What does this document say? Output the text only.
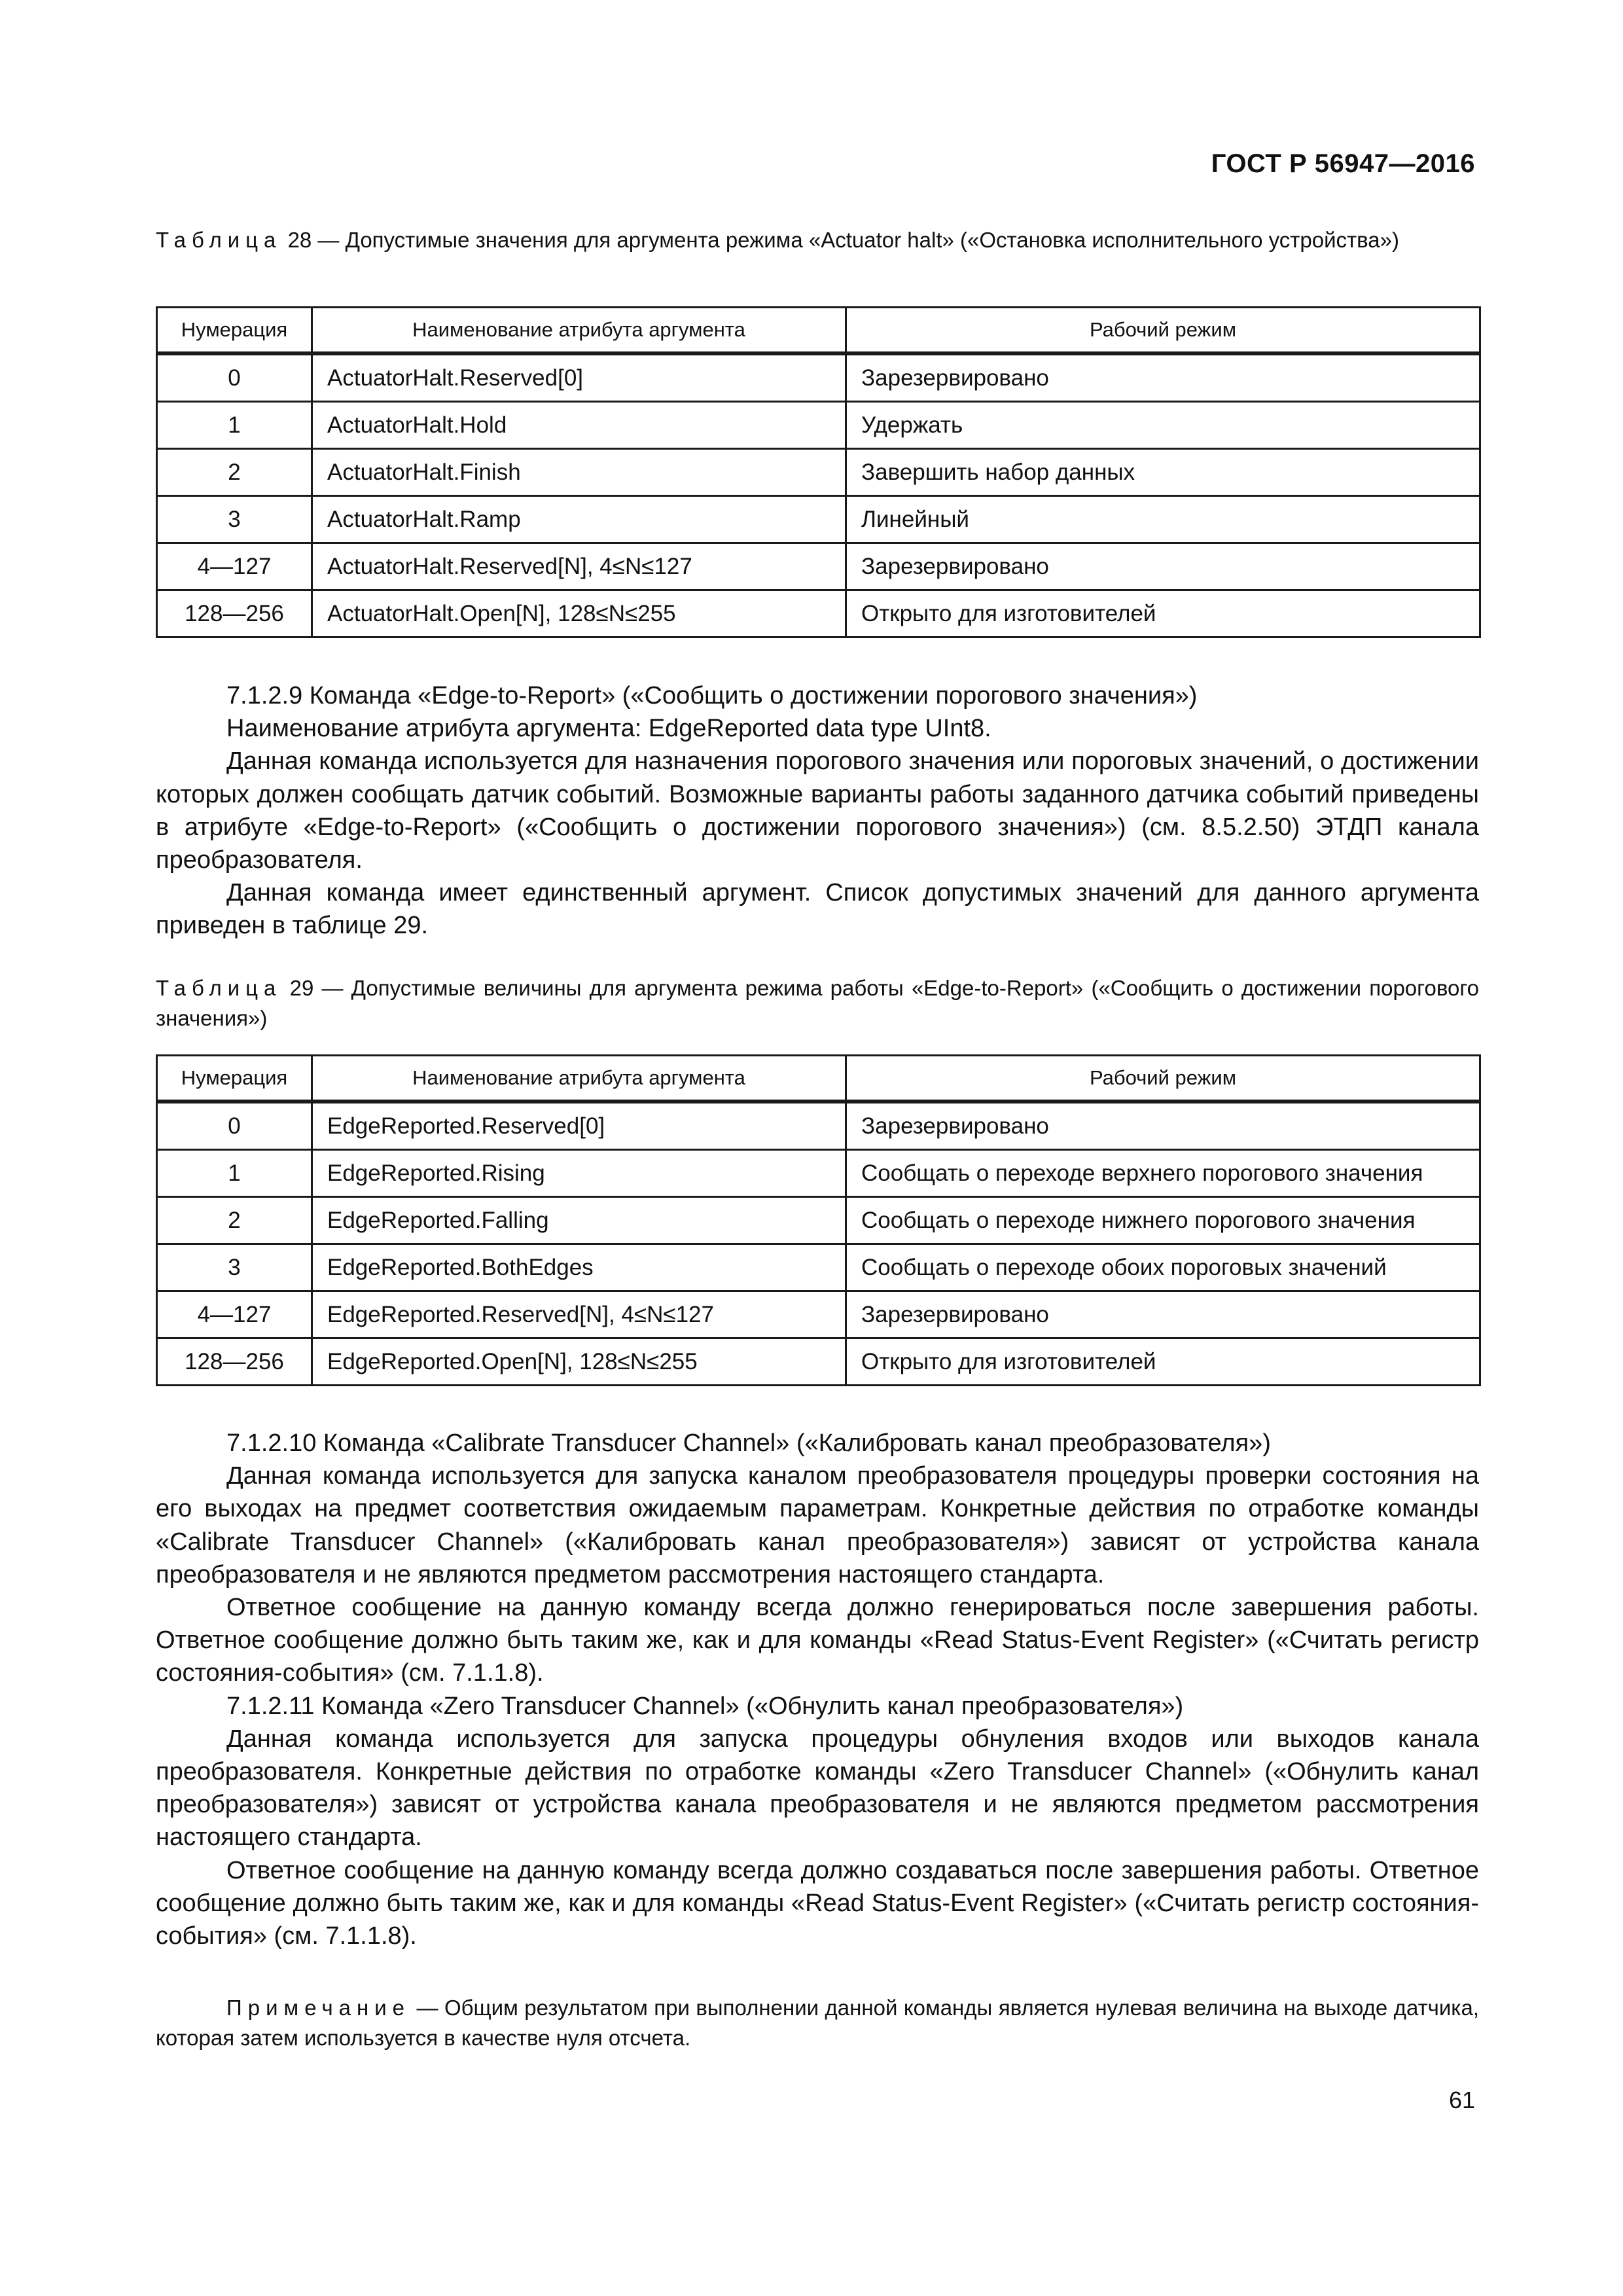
ГОСТ Р 56947—2016
Таблица 28 — Допустимые значения для аргумента режима «Actuator halt» («Остановка исполнительного устройства»)
Нумерация	Наименование атрибута аргумента	Рабочий режим
0	ActuatorHalt.Reserved[0]	Зарезервировано
1	ActuatorHalt.Hold	Удержать
2	ActuatorHalt.Finish	Завершить набор данных
3	ActuatorHalt.Ramp	Линейный
4—127	ActuatorHalt.Reserved[N], 4≤N≤127	Зарезервировано
128—256	ActuatorHalt.Open[N], 128≤N≤255	Открыто для изготовителей

7.1.2.9 Команда «Edge-to-Report» («Сообщить о достижении порогового значения»)

Наименование атрибута аргумента: EdgeReported data type UInt8.

Данная команда используется для назначения порогового значения или пороговых значений, о достижении которых должен сообщать датчик событий. Возможные варианты работы заданного датчика событий приведены в атрибуте «Edge-to-Report» («Сообщить о достижении порогового значения») (см. 8.5.2.50) ЭТДП канала преобразователя.

Данная команда имеет единственный аргумент. Список допустимых значений для данного аргумента приведен в таблице 29.

Таблица 29 — Допустимые величины для аргумента режима работы «Edge-to-Report» («Сообщить о достижении порогового значения»)
Нумерация	Наименование атрибута аргумента	Рабочий режим
0	EdgeReported.Reserved[0]	Зарезервировано
1	EdgeReported.Rising	Сообщать о переходе верхнего порогового значения
2	EdgeReported.Falling	Сообщать о переходе нижнего порогового значения
3	EdgeReported.BothEdges	Сообщать о переходе обоих пороговых значений
4—127	EdgeReported.Reserved[N], 4≤N≤127	Зарезервировано
128—256	EdgeReported.Open[N], 128≤N≤255	Открыто для изготовителей

7.1.2.10 Команда «Calibrate Transducer Channel» («Калибровать канал преобразователя»)

Данная команда используется для запуска каналом преобразователя процедуры проверки состояния на его выходах на предмет соответствия ожидаемым параметрам. Конкретные действия по отработке команды «Calibrate Transducer Channel» («Калибровать канал преобразователя») зависят от устройства канала преобразователя и не являются предметом рассмотрения настоящего стандарта.

Ответное сообщение на данную команду всегда должно генерироваться после завершения работы. Ответное сообщение должно быть таким же, как и для команды «Read Status-Event Register» («Считать регистр состояния-события» (см. 7.1.1.8).

7.1.2.11 Команда «Zero Transducer Channel» («Обнулить канал преобразователя»)

Данная команда используется для запуска процедуры обнуления входов или выходов канала преобразователя. Конкретные действия по отработке команды «Zero Transducer Channel» («Обнулить канал преобразователя») зависят от устройства канала преобразователя и не являются предметом рассмотрения настоящего стандарта.

Ответное сообщение на данную команду всегда должно создаваться после завершения работы. Ответное сообщение должно быть таким же, как и для команды «Read Status-Event Register» («Считать регистр состояния-события» (см. 7.1.1.8).

Примечание — Общим результатом при выполнении данной команды является нулевая величина на выходе датчика, которая затем используется в качестве нуля отсчета.
61
